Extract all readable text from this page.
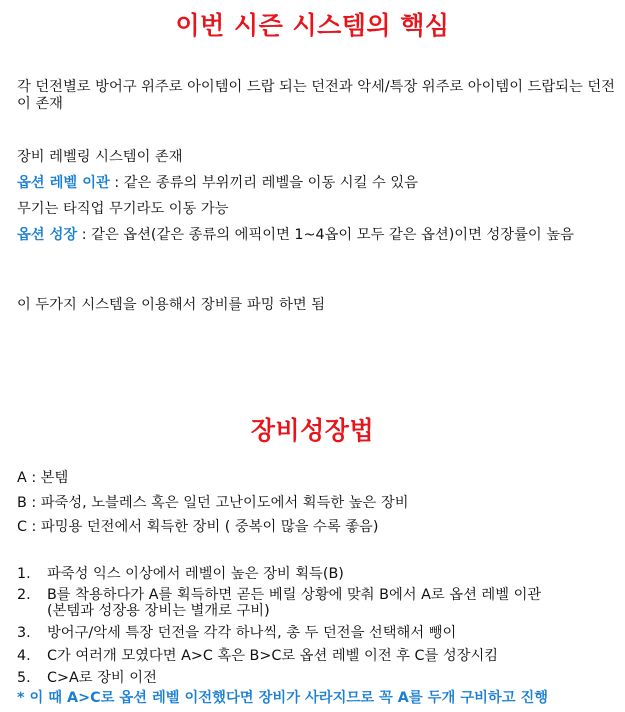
이번 시즌 시스템의 핵심
각 던전별로 방어구 위주로 아이템이 드랍 되는 던전과 악세/특장 위주로 아이템이 드랍되는 던전이 존재
장비 레벨링 시스템이 존재
옵션 레벨 이관 : 같은 종류의 부위끼리 레벨을 이동 시킬 수 있음
무기는 타직업 무기라도 이동 가능
옵션 성장 : 같은 옵션(같은 종류의 에픽이면 1~4옵이 모두 같은 옵션)이면 성장률이 높음
이 두가지 시스템을 이용해서 장비를 파밍 하면 됨
장비성장법
A : 본템
B : 파죽성, 노블레스 혹은 일던 고난이도에서 획득한 높은 장비
C : 파밍용 던전에서 획득한 장비 ( 중복이 많을 수록 좋음)
1. 파죽성 익스 이상에서 레벨이 높은 장비 획득(B)
2. B를 착용하다가 A를 획득하면 곧든 베릴 상황에 맞춰 B에서 A로 옵션 레벨 이관
(본템과 성장용 장비는 별개로 구비)
3. 방어구/악세 특장 던전을 각각 하나씩, 총 두 던전을 선택해서 뺑이
4. C가 여러개 모였다면 A>C 혹은 B>C로 옵션 레벨 이전 후 C를 성장시킴
5. C>A로 장비 이전
* 이 때 A>C로 옵션 레벨 이전했다면 장비가 사라지므로 꼭 A를 두개 구비하고 진행
